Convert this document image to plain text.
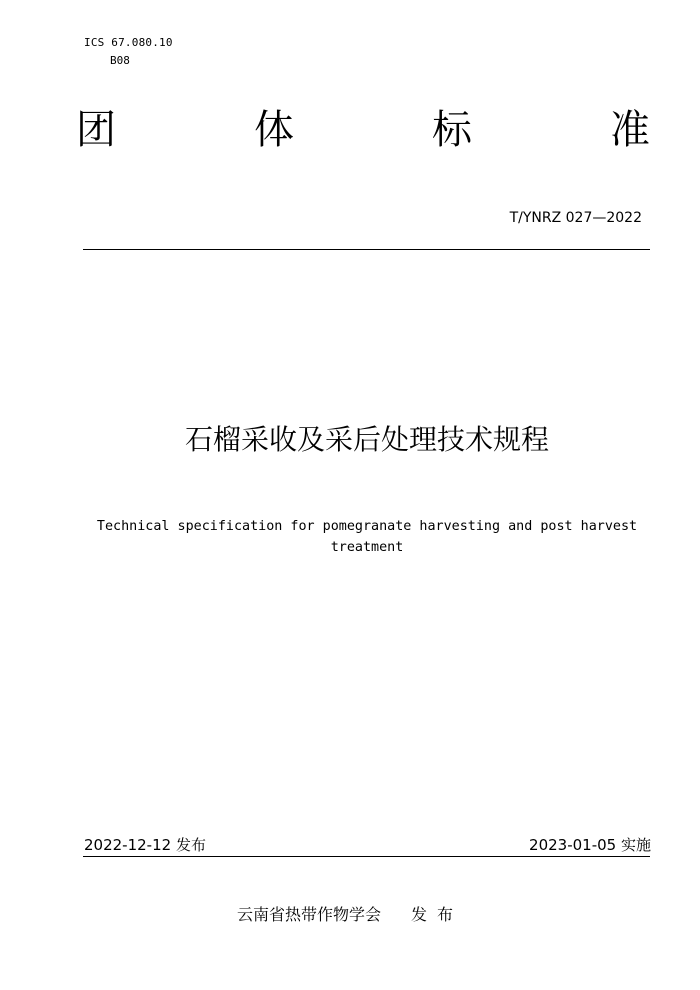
ICS 67.080.10
B08
团	体	标	准
T/YNRZ 027—2022
石榴采收及采后处理技术规程
Technical specification for pomegranate harvesting and post harvest
treatment
2022-12-12 发布	2023-01-05 实施
云南省热带作物学会 发布
